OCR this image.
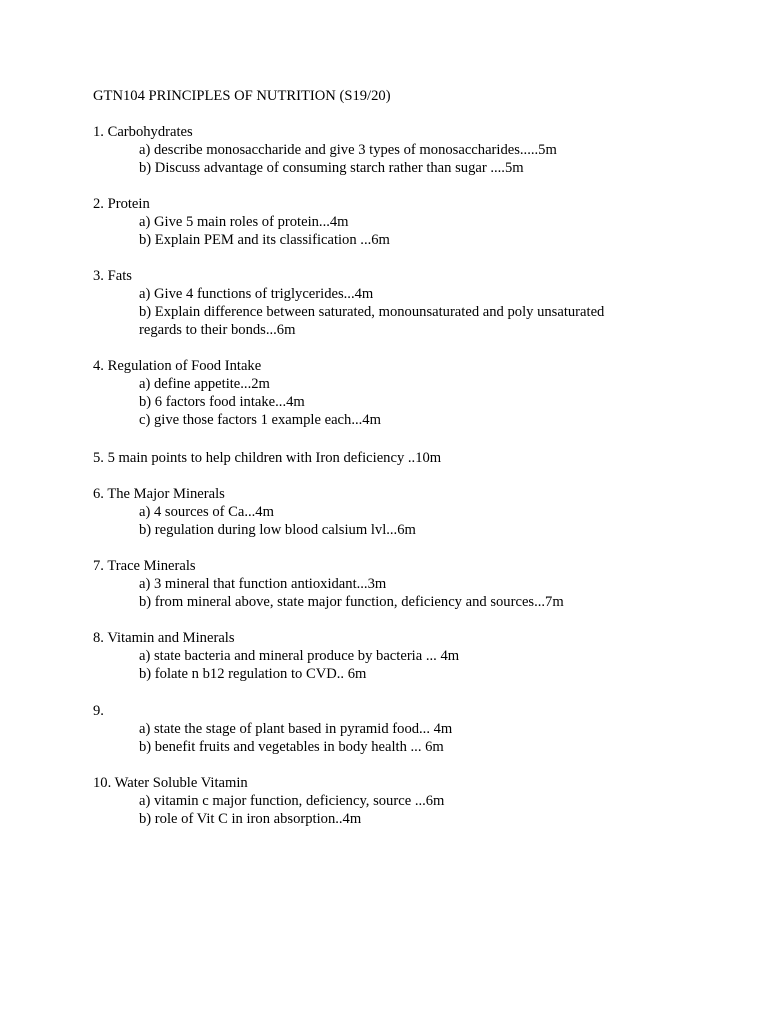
GTN104 PRINCIPLES OF NUTRITION (S19/20)
1. Carbohydrates
a) describe monosaccharide and give 3 types of monosaccharides.....5m
b) Discuss advantage of consuming starch rather than sugar ....5m
2. Protein
a) Give 5 main roles of protein...4m
b) Explain PEM and its classification ...6m
3. Fats
a) Give 4 functions of triglycerides...4m
b) Explain difference between saturated, monounsaturated and poly unsaturated
regards to their bonds...6m
4. Regulation of Food Intake
a) define appetite...2m
b) 6 factors food intake...4m
c) give those factors 1 example each...4m
5. 5 main points to help children with Iron deficiency ..10m
6. The Major Minerals
a) 4 sources of Ca...4m
b) regulation during low blood calsium lvl...6m
7. Trace Minerals
a) 3 mineral that function antioxidant...3m
b) from mineral above, state major function, deficiency and sources...7m
8. Vitamin and Minerals
a) state bacteria and mineral produce by bacteria ... 4m
b) folate n b12 regulation to CVD.. 6m
9.
a) state the stage of plant based in pyramid food... 4m
b) benefit fruits and vegetables in body health ... 6m
10. Water Soluble Vitamin
a) vitamin c major function, deficiency, source ...6m
b) role of Vit C in iron absorption..4m
